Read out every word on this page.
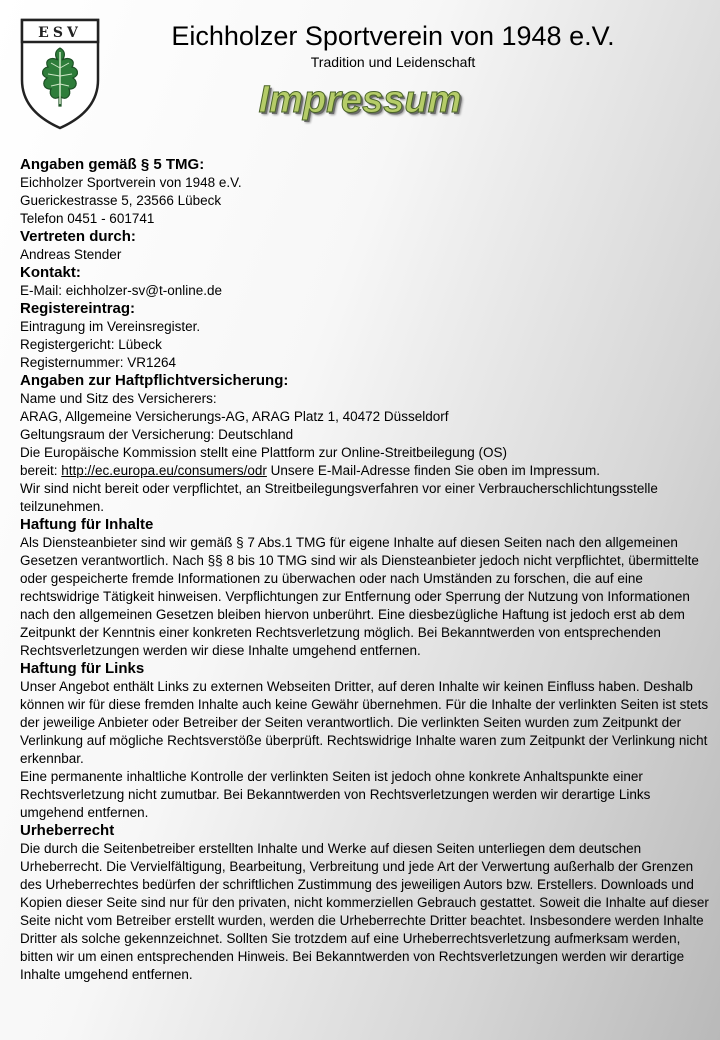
ESV	Eichholzer Sportverein von 1948 e.V.
Tradition und Leidenschaft
Impressum
Angaben gemäß § 5 TMG:

Eichholzer Sportverein von 1948 e.V.

Guerickestrasse 5, 23566 Lübeck

Telefon 0451 - 601741

Vertreten durch:

Andreas Stender

Kontakt:

E-Mail: eichholzer-sv@t-online.de

Registereintrag:

Eintragung im Vereinsregister.

Registergericht: Lübeck

Registernummer: VR1264

Angaben zur Haftpflichtversicherung:

Name und Sitz des Versicherers:

ARAG, Allgemeine Versicherungs-AG, ARAG Platz 1, 40472 Düsseldorf

Geltungsraum der Versicherung: Deutschland

Die Europäische Kommission stellt eine Plattform zur Online-Streitbeilegung (OS)

bereit: http://ec.europa.eu/consumers/odr Unsere E-Mail-Adresse finden Sie oben im Impressum.

Wir sind nicht bereit oder verpflichtet, an Streitbeilegungsverfahren vor einer Verbraucherschlichtungsstelle teilzunehmen.

Haftung für Inhalte

Als Diensteanbieter sind wir gemäß § 7 Abs.1 TMG für eigene Inhalte auf diesen Seiten nach den allgemeinen Gesetzen verantwortlich. Nach §§ 8 bis 10 TMG sind wir als Diensteanbieter jedoch nicht verpflichtet, übermittelte oder gespeicherte fremde Informationen zu überwachen oder nach Umständen zu forschen, die auf eine rechtswidrige Tätigkeit hinweisen. Verpflichtungen zur Entfernung oder Sperrung der Nutzung von Informationen nach den allgemeinen Gesetzen bleiben hiervon unberührt. Eine diesbezügliche Haftung ist jedoch erst ab dem Zeitpunkt der Kenntnis einer konkreten Rechtsverletzung möglich. Bei Bekanntwerden von entsprechenden Rechtsverletzungen werden wir diese Inhalte umgehend entfernen.

Haftung für Links

Unser Angebot enthält Links zu externen Webseiten Dritter, auf deren Inhalte wir keinen Einfluss haben. Deshalb können wir für diese fremden Inhalte auch keine Gewähr übernehmen. Für die Inhalte der verlinkten Seiten ist stets der jeweilige Anbieter oder Betreiber der Seiten verantwortlich. Die verlinkten Seiten wurden zum Zeitpunkt der Verlinkung auf mögliche Rechtsverstöße überprüft. Rechtswidrige Inhalte waren zum Zeitpunkt der Verlinkung nicht erkennbar.

Eine permanente inhaltliche Kontrolle der verlinkten Seiten ist jedoch ohne konkrete Anhaltspunkte einer Rechtsverletzung nicht zumutbar. Bei Bekanntwerden von Rechtsverletzungen werden wir derartige Links umgehend entfernen.

Urheberrecht

Die durch die Seitenbetreiber erstellten Inhalte und Werke auf diesen Seiten unterliegen dem deutschen Urheberrecht. Die Vervielfältigung, Bearbeitung, Verbreitung und jede Art der Verwertung außerhalb der Grenzen des Urheberrechtes bedürfen der schriftlichen Zustimmung des jeweiligen Autors bzw. Erstellers. Downloads und Kopien dieser Seite sind nur für den privaten, nicht kommerziellen Gebrauch gestattet. Soweit die Inhalte auf dieser Seite nicht vom Betreiber erstellt wurden, werden die Urheberrechte Dritter beachtet. Insbesondere werden Inhalte Dritter als solche gekennzeichnet. Sollten Sie trotzdem auf eine Urheberrechtsverletzung aufmerksam werden, bitten wir um einen entsprechenden Hinweis. Bei Bekanntwerden von Rechtsverletzungen werden wir derartige Inhalte umgehend entfernen.
